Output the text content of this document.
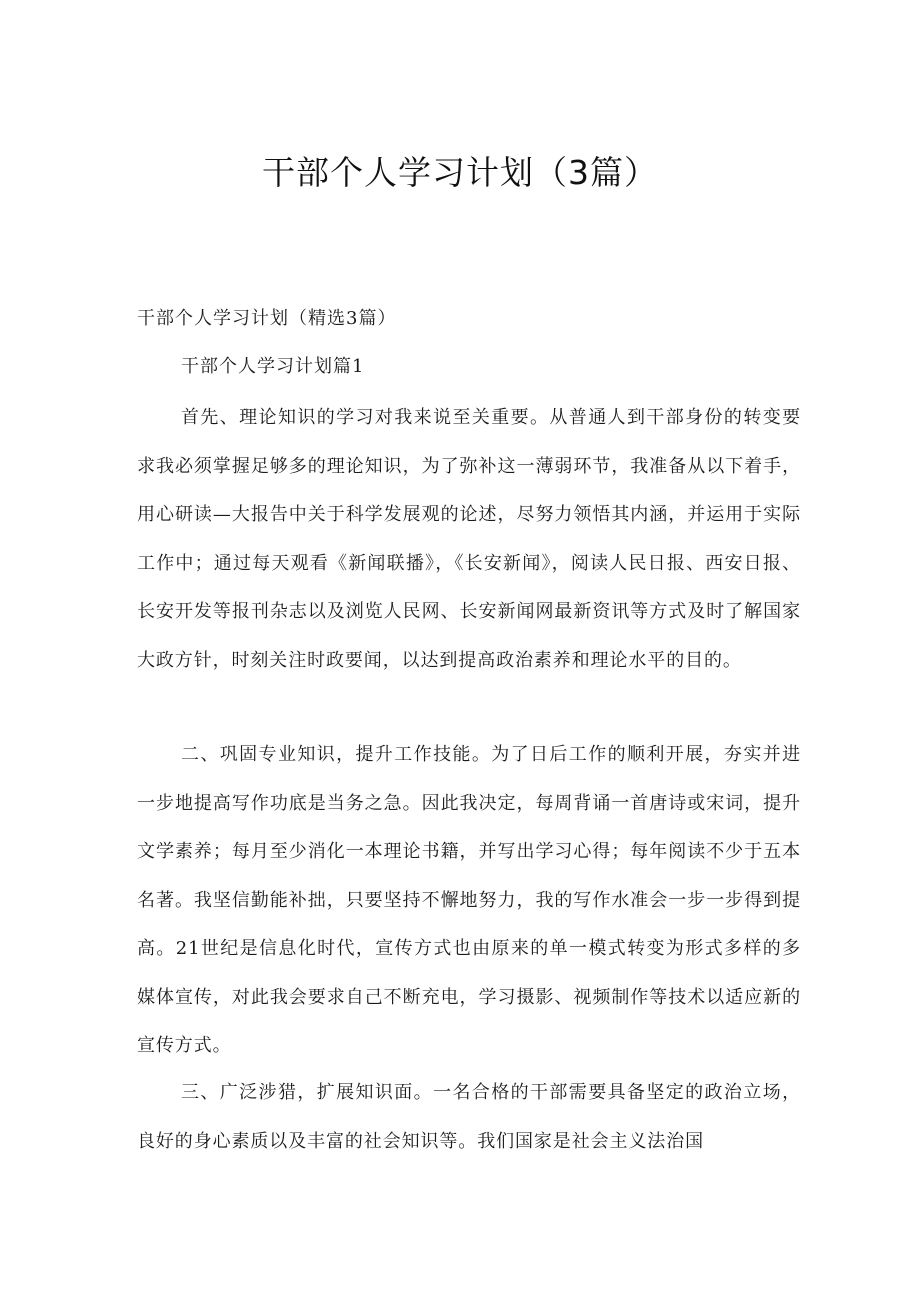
干部个人学习计划（3篇）
干部个人学习计划（精选3篇）
干部个人学习计划篇1

首先、理论知识的学习对我来说至关重要。从普通人到干部身份的转变要求我必须掌握足够多的理论知识，为了弥补这一薄弱环节，我准备从以下着手，用心研读—大报告中关于科学发展观的论述，尽努力领悟其内涵，并运用于实际工作中；通过每天观看《新闻联播》，《长安新闻》，阅读人民日报、西安日报、长安开发等报刊杂志以及浏览人民网、长安新闻网最新资讯等方式及时了解国家大政方针，时刻关注时政要闻，以达到提高政治素养和理论水平的目的。

二、巩固专业知识，提升工作技能。为了日后工作的顺利开展，夯实并进一步地提高写作功底是当务之急。因此我决定，每周背诵一首唐诗或宋词，提升文学素养；每月至少消化一本理论书籍，并写出学习心得；每年阅读不少于五本名著。我坚信勤能补拙，只要坚持不懈地努力，我的写作水准会一步一步得到提高。21世纪是信息化时代，宣传方式也由原来的单一模式转变为形式多样的多媒体宣传，对此我会要求自己不断充电，学习摄影、视频制作等技术以适应新的宣传方式。

三、广泛涉猎，扩展知识面。一名合格的干部需要具备坚定的政治立场，良好的身心素质以及丰富的社会知识等。我们国家是社会主义法治国
